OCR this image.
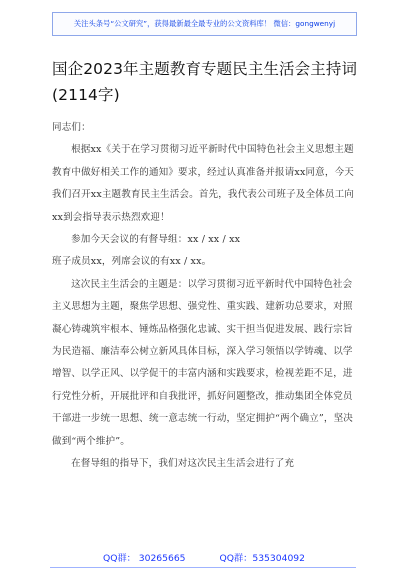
关注头条号“公文研究”，获得最新最全最专业的公文资料库！ 微信：gongwenyj
国企2023年主题教育专题民主生活会主持词(2114字)

同志们：

根据xx《关于在学习贯彻习近平新时代中国特色社会主义思想主题教育中做好相关工作的通知》要求，经过认真准备并报请xx同意，今天我们召开xx主题教育民主生活会。首先，我代表公司班子及全体员工向xx到会指导表示热烈欢迎！

参加今天会议的有督导组：xx / xx / xx

班子成员xx，列席会议的有xx / xx。

这次民主生活会的主题是：以学习贯彻习近平新时代中国特色社会主义思想为主题，聚焦学思想、强党性、重实践、建新功总要求，对照凝心铸魂筑牢根本、锤炼品格强化忠诚、实干担当促进发展、践行宗旨为民造福、廉洁奉公树立新风具体目标，深入学习领悟以学铸魂、以学增智、以学正风、以学促干的丰富内涵和实践要求，检视差距不足，进行党性分析，开展批评和自我批评，抓好问题整改，推动集团全体党员干部进一步统一思想、统一意志统一行动，坚定拥护“两个确立”，坚决做到“两个维护”。

在督导组的指导下，我们对这次民主生活会进行了充

QQ群： 30265665	QQ群：535304092
